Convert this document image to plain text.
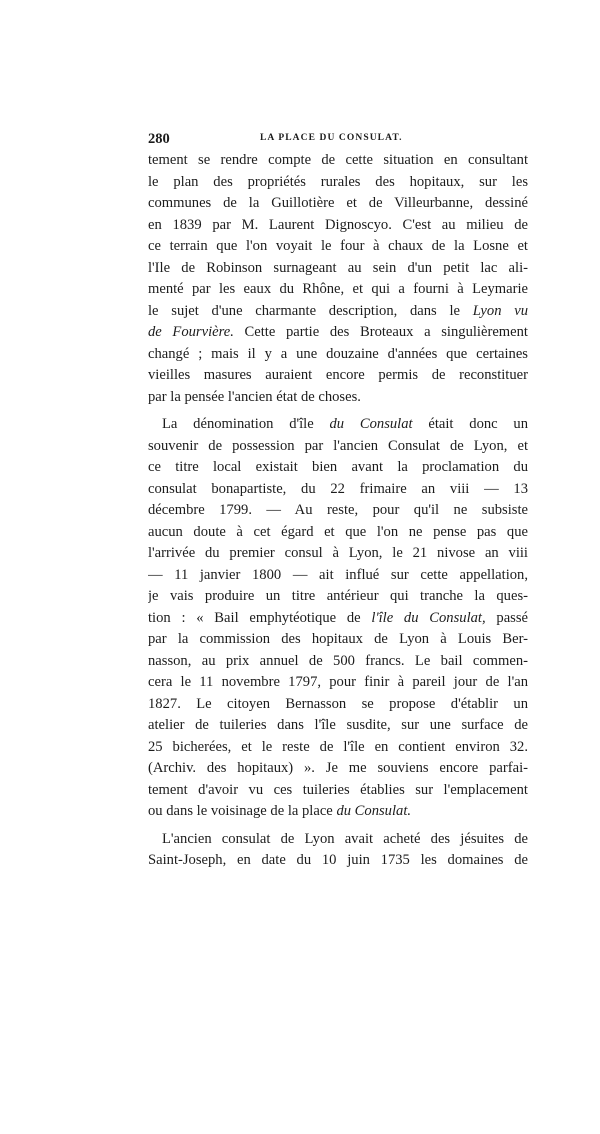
280	LA PLACE DU CONSULAT.
tement se rendre compte de cette situation en consultant
le plan des propriétés rurales des hopitaux, sur les
communes de la Guillotière et de Villeurbanne, dessiné
en 1839 par M. Laurent Dignoscyo. C'est au milieu de
ce terrain que l'on voyait le four à chaux de la Losne et
l'Ile de Robinson surnageant au sein d'un petit lac ali-
menté par les eaux du Rhône, et qui a fourni à Leymarie
le sujet d'une charmante description, dans le Lyon vu
de Fourvière. Cette partie des Broteaux a singulièrement
changé ; mais il y a une douzaine d'années que certaines
vieilles masures auraient encore permis de reconstituer
par la pensée l'ancien état de choses.
La dénomination d'île du Consulat était donc un
souvenir de possession par l'ancien Consulat de Lyon, et
ce titre local existait bien avant la proclamation du
consulat bonapartiste, du 22 frimaire an viii — 13
décembre 1799. — Au reste, pour qu'il ne subsiste
aucun doute à cet égard et que l'on ne pense pas que
l'arrivée du premier consul à Lyon, le 21 nivose an viii
— 11 janvier 1800 — ait influé sur cette appellation,
je vais produire un titre antérieur qui tranche la ques-
tion : « Bail emphytéotique de l'île du Consulat, passé
par la commission des hopitaux de Lyon à Louis Ber-
nasson, au prix annuel de 500 francs. Le bail commen-
cera le 11 novembre 1797, pour finir à pareil jour de l'an
1827. Le citoyen Bernasson se propose d'établir un
atelier de tuileries dans l'île susdite, sur une surface de
25 bicherées, et le reste de l'île en contient environ 32.
(Archiv. des hopitaux) ». Je me souviens encore parfai-
tement d'avoir vu ces tuileries établies sur l'emplacement
ou dans le voisinage de la place du Consulat.
L'ancien consulat de Lyon avait acheté des jésuites de
Saint-Joseph, en date du 10 juin 1735 les domaines de
